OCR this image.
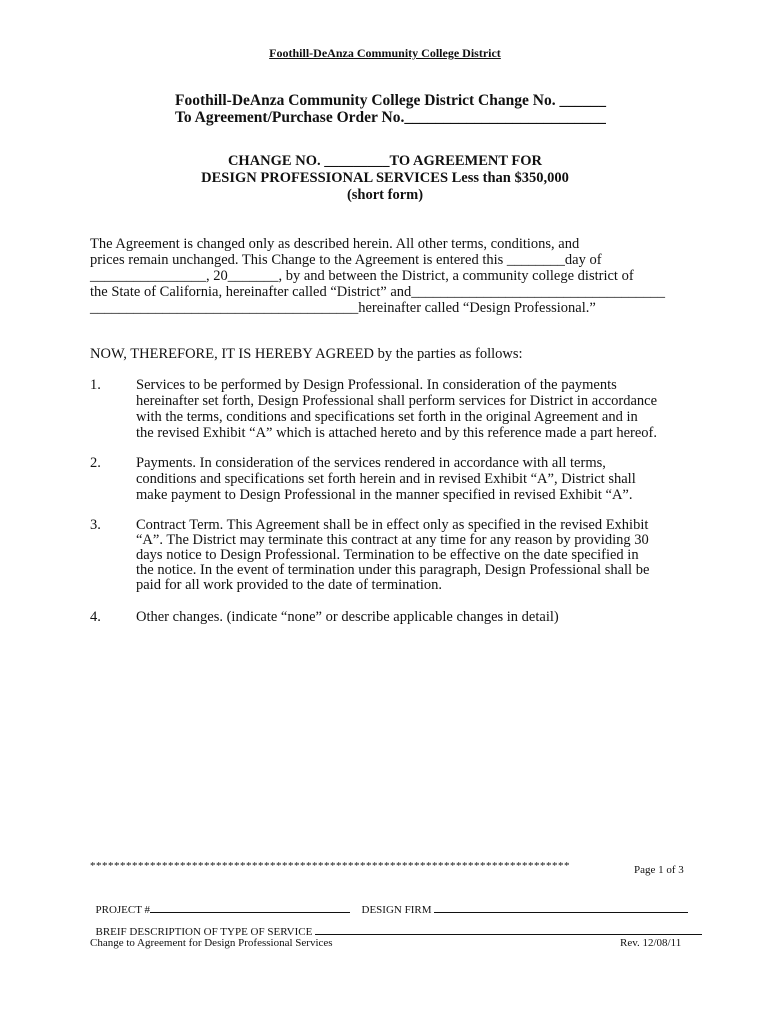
Foothill-DeAnza Community College District
Foothill-DeAnza Community College District Change No. ______
To Agreement/Purchase Order No.__________________________
CHANGE NO. _________TO AGREEMENT FOR
DESIGN PROFESSIONAL SERVICES Less than $350,000
(short form)
The Agreement is changed only as described herein. All other terms, conditions, and
prices remain unchanged. This Change to the Agreement is entered this ________day of
________________, 20_______, by and between the District, a community college district of
the State of California, hereinafter called “District” and___________________________________
_____________________________________hereinafter called “Design Professional.”
NOW, THEREFORE, IT IS HEREBY AGREED by the parties as follows:
1. Services to be performed by Design Professional. In consideration of the payments
hereinafter set forth, Design Professional shall perform services for District in accordance
with the terms, conditions and specifications set forth in the original Agreement and in
the revised Exhibit “A” which is attached hereto and by this reference made a part hereof.
2. Payments. In consideration of the services rendered in accordance with all terms,
conditions and specifications set forth herein and in revised Exhibit “A”, District shall
make payment to Design Professional in the manner specified in revised Exhibit “A”.
3. Contract Term. This Agreement shall be in effect only as specified in the revised Exhibit
“A”. The District may terminate this contract at any time for any reason by providing 30
days notice to Design Professional. Termination to be effective on the date specified in
the notice. In the event of termination under this paragraph, Design Professional shall be
paid for all work provided to the date of termination.
4. Other changes. (indicate “none” or describe applicable changes in detail)
********************************************************************************	Page 1 of 3

PROJECT #	DESIGN FIRM

BREIF DESCRIPTION OF TYPE OF SERVICE

Change to Agreement for Design Professional Services	Rev. 12/08/11
